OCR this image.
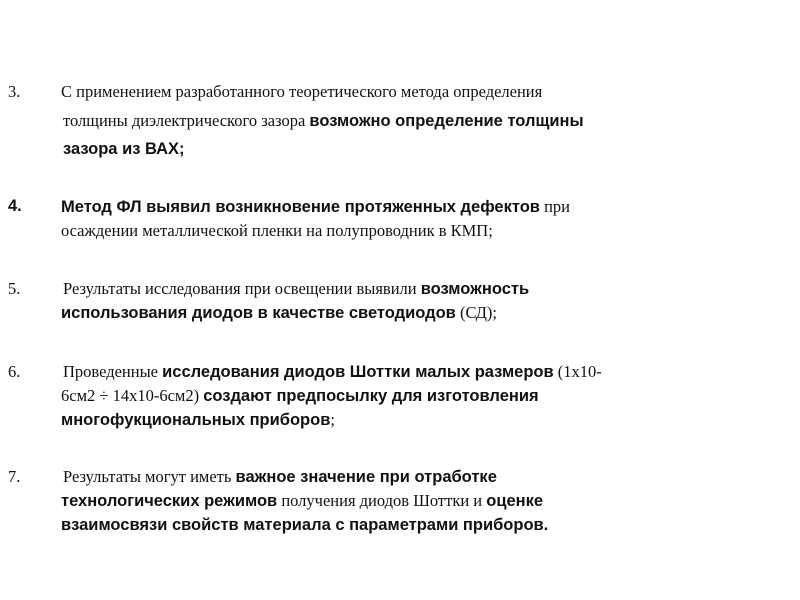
3. С применением разработанного теоретического метода определения
толщины диэлектрического зазора возможно определение толщины
зазора из ВАХ;
4. Метод ФЛ выявил возникновение протяженных дефектов при
осаждении металлической пленки на полупроводник в КМП;
5.	Результаты исследования при освещении выявили возможность
использования диодов в качестве светодиодов (СД);
6.	Проведенные исследования диодов Шоттки малых размеров (1x10-
6см2 ÷ 14x10-6см2) создают предпосылку для изготовления
многофукциональных приборов;
7.	Результаты могут иметь важное значение при отработке
технологических режимов получения диодов Шоттки и оценке
взаимосвязи свойств материала с параметрами приборов.
